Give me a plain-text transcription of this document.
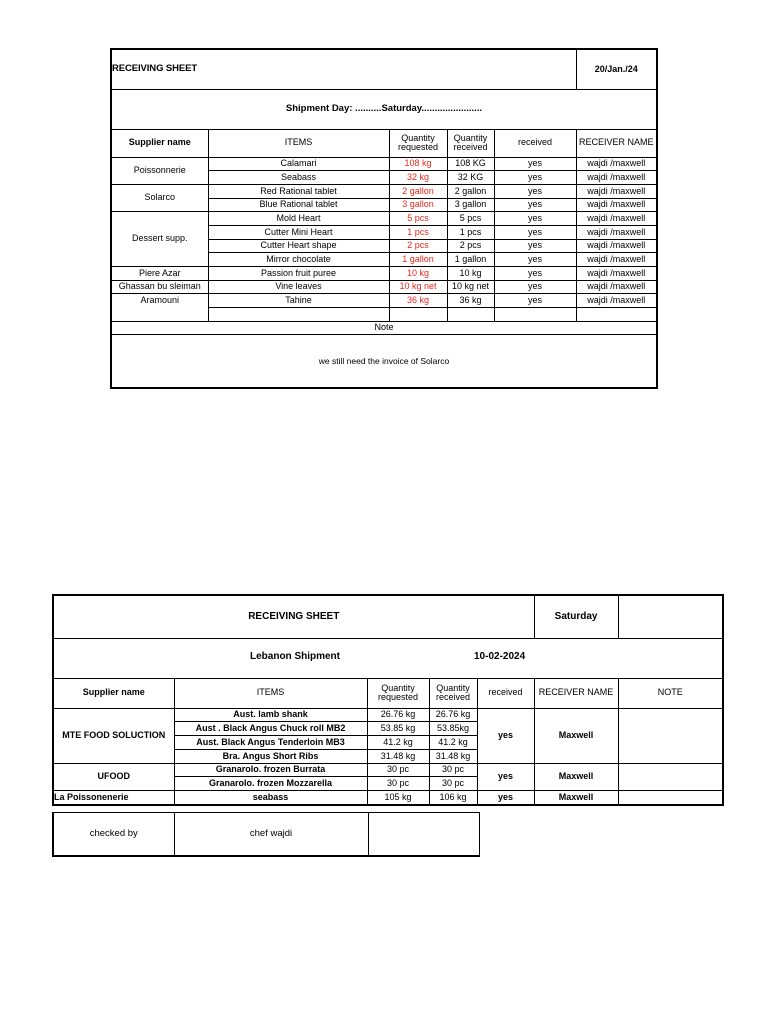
RECEIVING SHEET					20/Jan./24
Shipment Day: ..........Saturday.......................					
Supplier name	ITEMS	Quantity requested	Quantity received	received	RECEIVER NAME
Poissonnerie	Calamari	108 kg	108 KG	yes	wajdi /maxwell
	Seabass	32 kg	32 KG	yes	wajdi /maxwell
Solarco	Red Rational tablet	2 gallon	2 gallon	yes	wajdi /maxwell
	Blue Rational tablet	3 gallon	3 gallon	yes	wajdi /maxwell
Dessert supp.	Mold Heart	5 pcs	5 pcs	yes	wajdi /maxwell
	Cutter Mini Heart	1 pcs	1 pcs	yes	wajdi /maxwell
	Cutter Heart shape	2 pcs	2 pcs	yes	wajdi /maxwell
	Mirror chocolate	1 gallon	1 gallon	yes	wajdi /maxwell
Piere Azar	Passion fruit puree	10 kg	10 kg	yes	wajdi /maxwell
Ghassan bu sleiman	Vine leaves	10 kg net	10 kg net	yes	wajdi /maxwell
Aramouni	Tahine	36 kg	36 kg	yes	wajdi /maxwell

Note					
we still need the invoice of Solarco					
RECEIVING SHEET					Saturday	

Lebanon Shipment 10-02-2024						

Supplier name	ITEMS	Quantity requested	Quantity received	received	RECEIVER NAME	NOTE
MTE FOOD SOLUCTION	Aust. lamb shank	26.76 kg	26.76 kg	yes	Maxwell	
	Aust . Black Angus Chuck roll MB2	53.85 kg	53.85kg			
	Aust. Black Angus Tenderloin MB3	41.2 kg	41.2 kg			
	Bra. Angus Short Ribs	31.48 kg	31.48 kg			
UFOOD	Granarolo. frozen Burrata	30 pc	30 pc	yes	Maxwell	
	Granarolo. frozen Mozzarella	30 pc	30 pc			
La Poissonenerie	seabass	105 kg	106 kg	yes	Maxwell	
checked by	chef wajdi	
